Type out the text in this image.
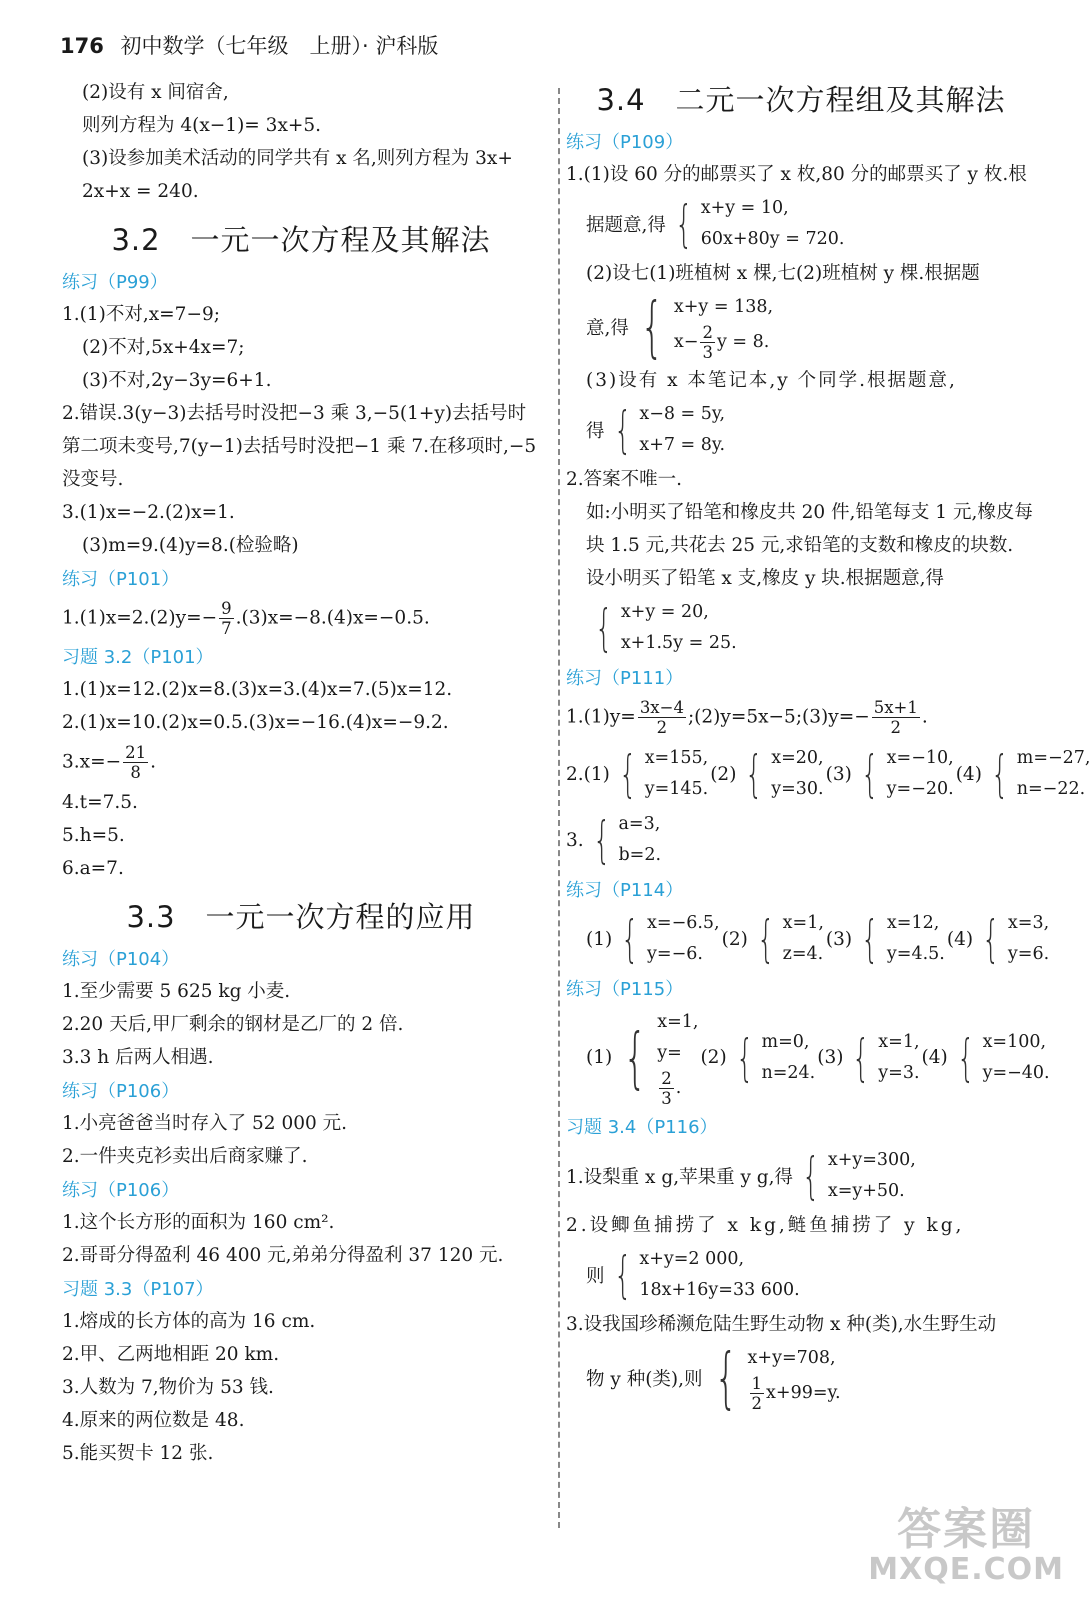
176 初中数学（七年级　上册）· 沪科版
(2)设有 x 间宿舍,
则列方程为 4(x−1)= 3x+5.
(3)设参加美术活动的同学共有 x 名,则列方程为 3x+
2x+x = 240.
3.2　一元一次方程及其解法
练习（P99）
1.(1)不对,x=7−9;
(2)不对,5x+4x=7;
(3)不对,2y−3y=6+1.
2.错误.3(y−3)去括号时没把−3 乘 3,−5(1+y)去括号时第二项未变号,7(y−1)去括号时没把−1 乘 7.在移项时,−5 没变号.
3.(1)x=−2.(2)x=1.
(3)m=9.(4)y=8.(检验略)
练习（P101）
$1.(1)x=2.(2)y=- \frac{9}{7} .(3)x=-8.(4)x=-0.5$.
习题 3.2（P101）
1.(1)x=12.(2)x=8.(3)x=3.(4)x=7.(5)x=12.
2.(1)x=10.(2)x=0.5.(3)x=−16.(4)x=−9.2.
$3.x=- \frac{21}{8}$ .
4.t=7.5.
5.h=5.
6.a=7.
3.3　一元一次方程的应用
练习（P104）
1.至少需要 5 625 kg 小麦.
2.20 天后,甲厂剩余的钢材是乙厂的 2 倍.
3.3 h 后两人相遇.
练习（P106）
1.小亮爸爸当时存入了 52 000 元.
2.一件夹克衫卖出后商家赚了.
练习（P106）
1.这个长方形的面积为 160 cm².
2.哥哥分得盈利 46 400 元,弟弟分得盈利 37 120 元.
习题 3.3（P107）
1.熔成的长方体的高为 16 cm.
2.甲、乙两地相距 20 km.
3.人数为 7,物价为 53 钱.
4.原来的两位数是 48.
5.能买贺卡 12 张.
3.4　二元一次方程组及其解法
练习（P109）
1.(1)设 60 分的邮票买了 x 枚,80 分的邮票买了 y 枚.根
据题意,得 { x+y = 10,
60x+80y = 720.
(2)设七(1)班植树 x 棵,七(2)班植树 y 棵.根据题
意,得 { x+y = 138,
$x- \frac{2}{3}$ y = 8.
(3)设有 x 本笔记本,y 个同学.根据题意,
得 { x−8 = 5y,
x+7 = 8y.
2.答案不唯一.
如:小明买了铅笔和橡皮共 20 件,铅笔每支 1 元,橡皮每块 1.5 元,共花去 25 元,求铅笔的支数和橡皮的块数.
设小明买了铅笔 x 支,橡皮 y 块.根据题意,得
{ x+y = 20,
x+1.5y = 25.
练习（P111）
$1.(1)y= \frac{3x-4}{2}$ ;(2)y=5x−5;(3)y=− $\frac{5x+1}{2}$ .
2. (1) { x=155,
y=145.
(2) { x=20,
y=30.
(3) { x=−10,
y=−20.
(4) { m=−27,
n=−22.
3. { a=3,
b=2.
练习（P114）
(1) { x=−6.5,
y=−6.
(2) { x=1,
z=4.
(3) { x=12,
y=4.5.
(4) { x=3,
y=6.
练习（P115）
(1) { x=1,
y=
$\frac{2}{3}$ .
(2) { m=0,
n=24.
(3) { x=1,
y=3.
(4) { x=100,
y=−40.
习题 3.4（P116）
1.设梨重 x g,苹果重 y g,得 { x+y=300,
x=y+50.
2.设鲫鱼捕捞了 x kg,鲢鱼捕捞了 y kg,
则 { x+y=2 000,
18x+16y=33 600.
3.设我国珍稀濒危陆生野生动物 x 种(类),水生野生动
物 y 种(类),则 { x+y=708,
$\frac{1}{2} x+99=y$.
答案圈
MXQE.COM
